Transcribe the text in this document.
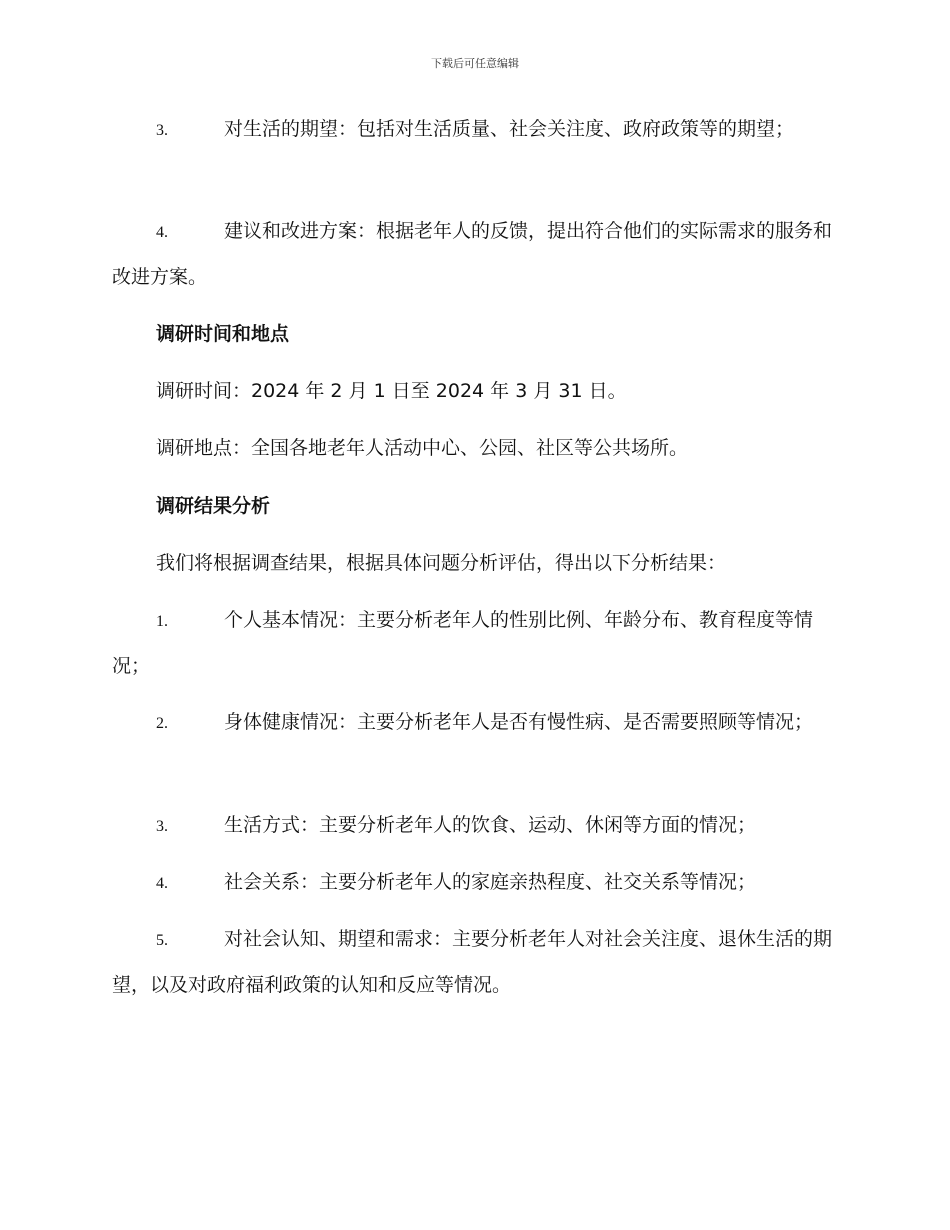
下载后可任意编辑
3.	对生活的期望：包括对生活质量、社会关注度、政府政策等的期望；
4.	建议和改进方案：根据老年人的反馈，提出符合他们的实际需求的服务和改进方案。
调研时间和地点
调研时间：2024 年 2 月 1 日至 2024 年 3 月 31 日。
调研地点：全国各地老年人活动中心、公园、社区等公共场所。
调研结果分析
我们将根据调查结果，根据具体问题分析评估，得出以下分析结果：
1.	个人基本情况：主要分析老年人的性别比例、年龄分布、教育程度等情况；
2.	身体健康情况：主要分析老年人是否有慢性病、是否需要照顾等情况；
3.	生活方式：主要分析老年人的饮食、运动、休闲等方面的情况；
4.	社会关系：主要分析老年人的家庭亲热程度、社交关系等情况；
5.	对社会认知、期望和需求：主要分析老年人对社会关注度、退休生活的期望，以及对政府福利政策的认知和反应等情况。
